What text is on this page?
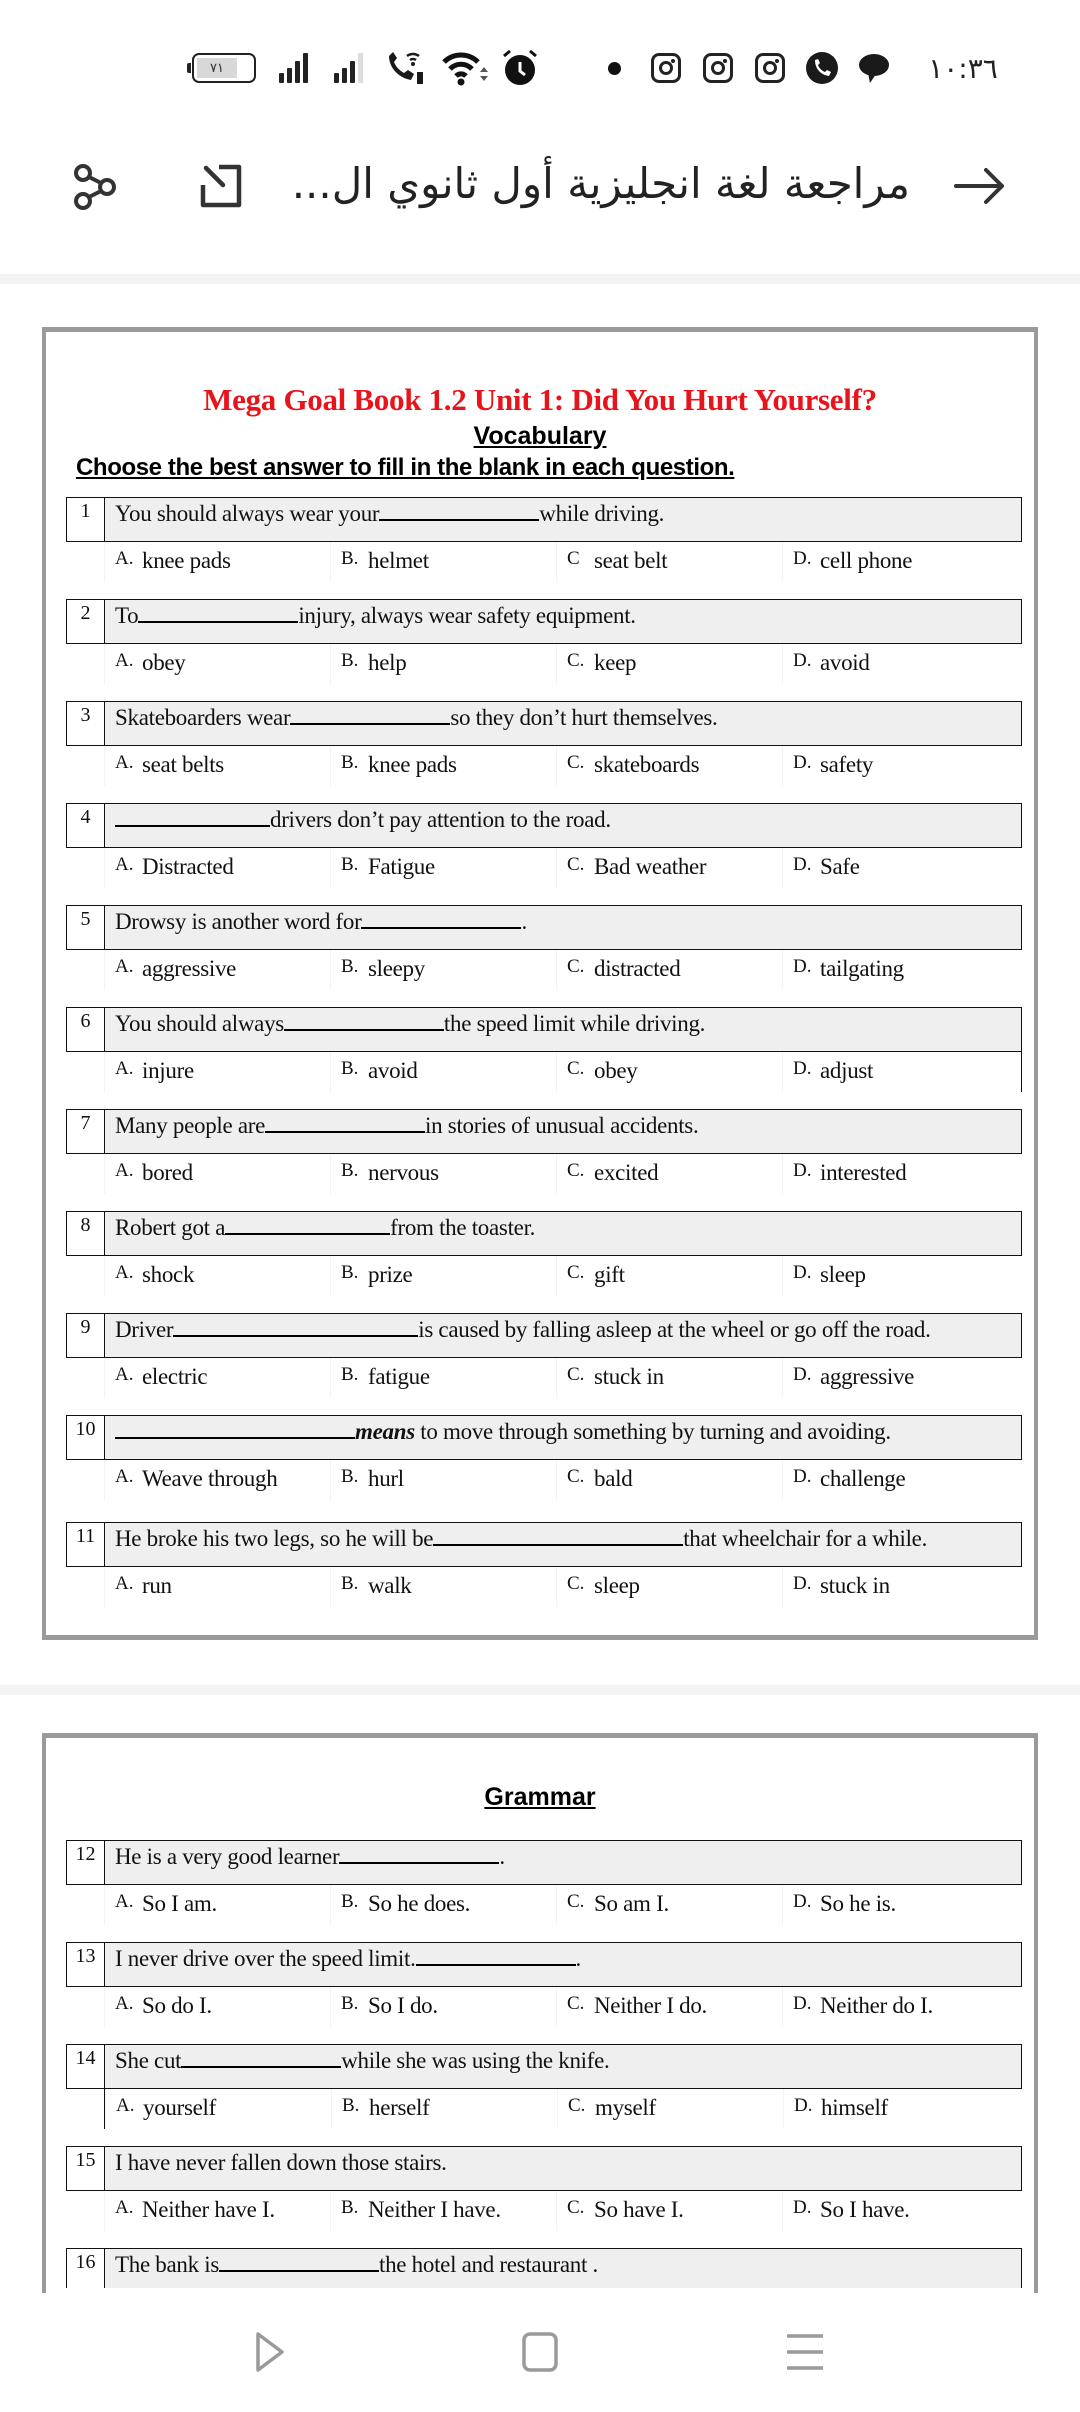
٧١	١٠:٣٦
مراجعة لغة انجليزية أول ثانوي ال...
Mega Goal Book 1.2 Unit 1: Did You Hurt Yourself?
Vocabulary
Choose the best answer to fill in the blank in each question.
1	You should always wear your	while driving.
A. knee pads	B. helmet	C seat belt	D. cell phone
2	To	injury, always wear safety equipment.
A. obey	B. help	C. keep	D. avoid
3	Skateboarders wear	so they don’t hurt themselves.
A. seat belts	B. knee pads	C. skateboards	D. safety
4	drivers don’t pay attention to the road.
A. Distracted	B. Fatigue	C. Bad weather	D. Safe
5	Drowsy is another word for	.
A. aggressive	B. sleepy	C. distracted	D. tailgating
6	You should always	the speed limit while driving.
A. injure	B. avoid	C. obey	D. adjust
7	Many people are	in stories of unusual accidents.
A. bored	B. nervous	C. excited	D. interested
8	Robert got a	from the toaster.
A. shock	B. prize	C. gift	D. sleep
9	Driver	is caused by falling asleep at the wheel or go off the road.
A. electric	B. fatigue	C. stuck in	D. aggressive
10	means to move through something by turning and avoiding.
A. Weave through	B. hurl	C. bald	D. challenge
11 He broke his two legs, so he will be	that wheelchair for a while.
A. run	B. walk	C. sleep	D. stuck in
Grammar
12 He is a very good learner	.
A. So I am.	B. So he does.	C. So am I.	D. So he is.
13 I never drive over the speed limit.	.
A. So do I.	B. So I do.	C. Neither I do.	D. Neither do I.
14 She cut	while she was using the knife.
A. yourself	B. herself	C. myself	D. himself
15 I have never fallen down those stairs.
A. Neither have I.	B. Neither I have.	C. So have I.	D. So I have.
16 The bank is	the hotel and restaurant .
